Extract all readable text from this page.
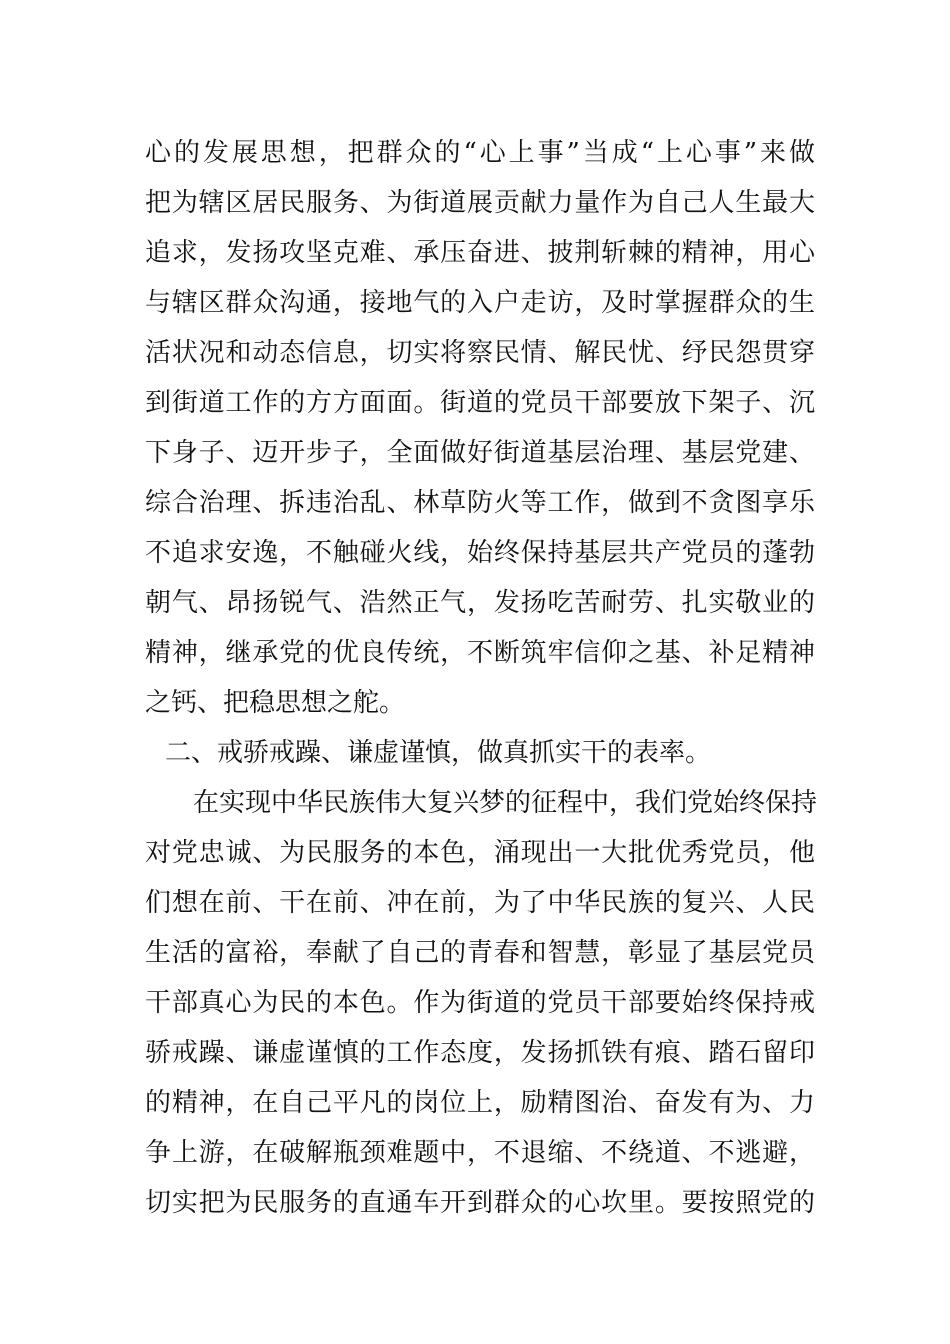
心的发展思想，把群众的“心上事”当成“上心事”来做
把为辖区居民服务、为街道展贡献力量作为自己人生最大
追求，发扬攻坚克难、承压奋进、披荆斩棘的精神，用心
与辖区群众沟通，接地气的入户走访，及时掌握群众的生
活状况和动态信息，切实将察民情、解民忧、纾民怨贯穿
到街道工作的方方面面。街道的党员干部要放下架子、沉
下身子、迈开步子，全面做好街道基层治理、基层党建、
综合治理、拆违治乱、林草防火等工作，做到不贪图享乐
不追求安逸，不触碰火线，始终保持基层共产党员的蓬勃
朝气、昂扬锐气、浩然正气，发扬吃苦耐劳、扎实敬业的
精神，继承党的优良传统，不断筑牢信仰之基、补足精神
之钙、把稳思想之舵。
二、戒骄戒躁、谦虚谨慎，做真抓实干的表率。
在实现中华民族伟大复兴梦的征程中，我们党始终保持
对党忠诚、为民服务的本色，涌现出一大批优秀党员，他
们想在前、干在前、冲在前，为了中华民族的复兴、人民
生活的富裕，奉献了自己的青春和智慧，彰显了基层党员
干部真心为民的本色。作为街道的党员干部要始终保持戒
骄戒躁、谦虚谨慎的工作态度，发扬抓铁有痕、踏石留印
的精神，在自己平凡的岗位上，励精图治、奋发有为、力
争上游，在破解瓶颈难题中，不退缩、不绕道、不逃避，
切实把为民服务的直通车开到群众的心坎里。要按照党的
